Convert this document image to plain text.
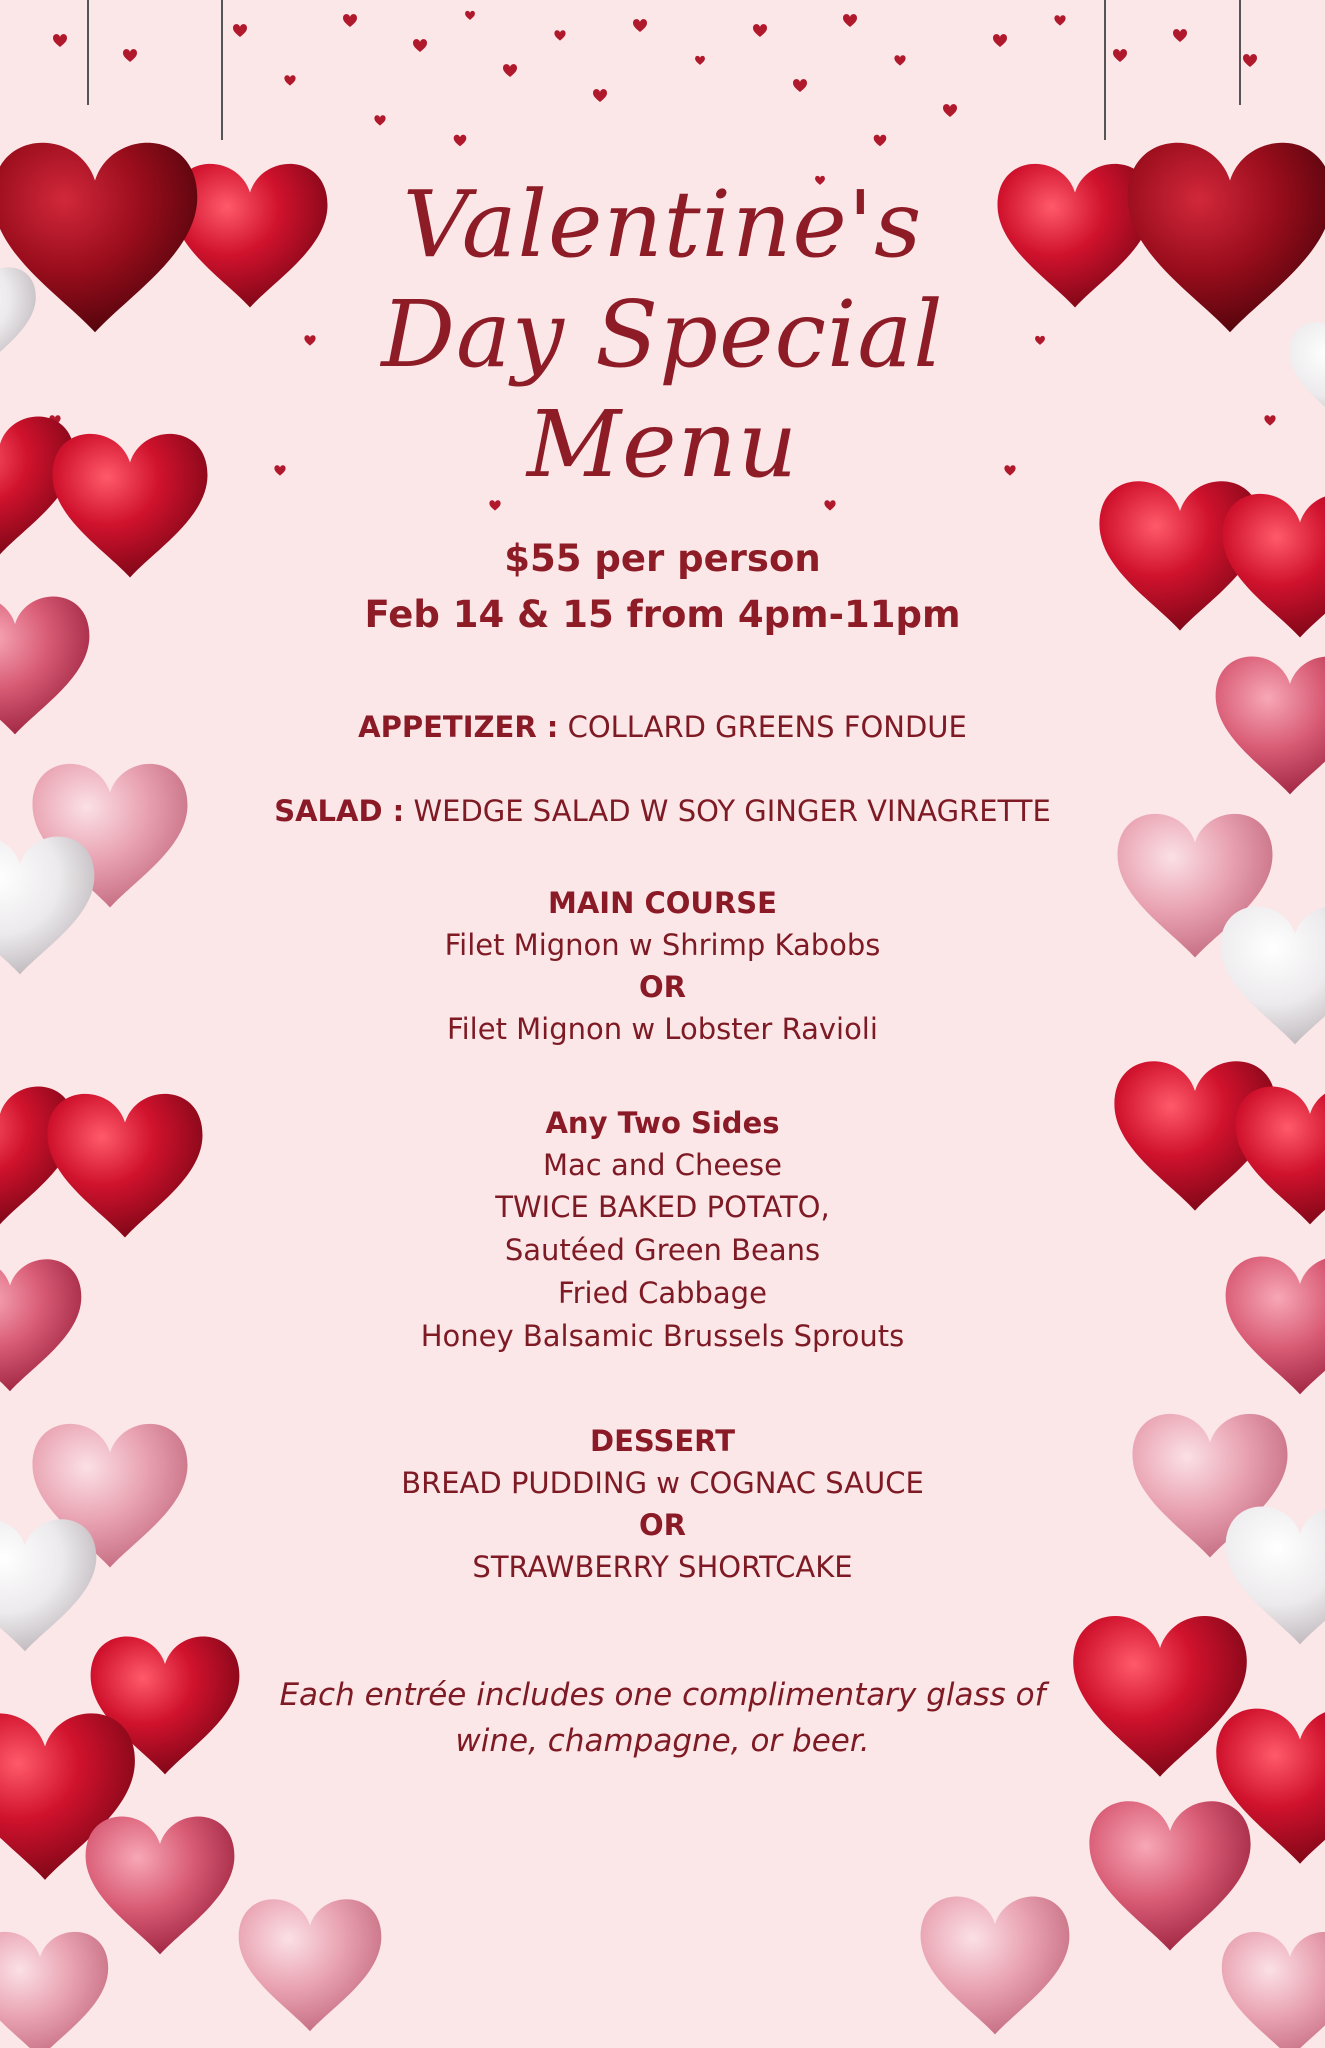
Valentine's
Day Special
Menu
$55 per person
Feb 14 & 15 from 4pm-11pm
APPETIZER : COLLARD GREENS FONDUE
SALAD : WEDGE SALAD W SOY GINGER VINAGRETTE
MAIN COURSE
Filet Mignon w Shrimp Kabobs
OR
Filet Mignon w Lobster Ravioli
Any Two Sides
Mac and Cheese
TWICE BAKED POTATO,
Sautéed Green Beans
Fried Cabbage
Honey Balsamic Brussels Sprouts
DESSERT
BREAD PUDDING w COGNAC SAUCE
OR
STRAWBERRY SHORTCAKE
Each entrée includes one complimentary glass of
wine, champagne, or beer.
